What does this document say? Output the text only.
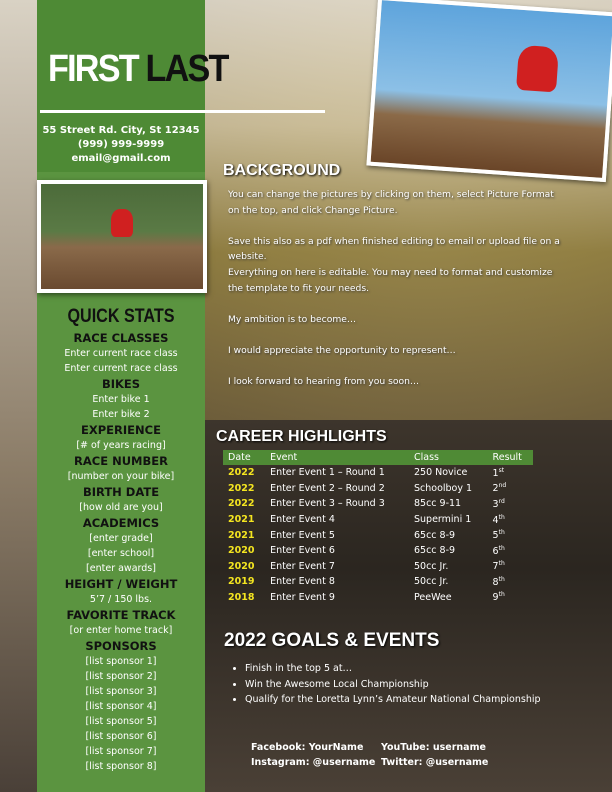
FIRST LAST
55 Street Rd. City, St 12345
(999) 999-9999
email@gmail.com
QUICK STATS
RACE CLASSES

Enter current race class

Enter current race class

BIKES

Enter bike 1

Enter bike 2

EXPERIENCE

[# of years racing]

RACE NUMBER

[number on your bike]

BIRTH DATE

[how old are you]

ACADEMICS

[enter grade]

[enter school]

[enter awards]

HEIGHT / WEIGHT

5’7 / 150 lbs.

FAVORITE TRACK

[or enter home track]

SPONSORS

[list sponsor 1]

[list sponsor 2]

[list sponsor 3]

[list sponsor 4]

[list sponsor 5]

[list sponsor 6]

[list sponsor 7]

[list sponsor 8]

BACKGROUND
You can change the pictures by clicking on them, select Picture Format on the top, and click Change Picture.
Save this also as a pdf when finished editing to email or upload file on a website.
Everything on here is editable. You may need to format and customize the template to fit your needs.
My ambition is to become…
I would appreciate the opportunity to represent…
I look forward to hearing from you soon…
CAREER HIGHLIGHTS
Date	Event	Class	Result
2022	Enter Event 1 – Round 1	250 Novice	1st
2022	Enter Event 2 – Round 2	Schoolboy 1	2nd
2022	Enter Event 3 – Round 3	85cc 9-11	3rd
2021	Enter Event 4	Supermini 1	4th
2021	Enter Event 5	65cc 8-9	5th
2020	Enter Event 6	65cc 8-9	6th
2020	Enter Event 7	50cc Jr.	7th
2019	Enter Event 8	50cc Jr.	8th
2018	Enter Event 9	PeeWee	9th
2022 GOALS & EVENTS
• Finish in the top 5 at…
• Win the Awesome Local Championship
• Qualify for the Loretta Lynn’s Amateur National Championship
Facebook: YourName
Instagram: @username
YouTube: username
Twitter: @username
